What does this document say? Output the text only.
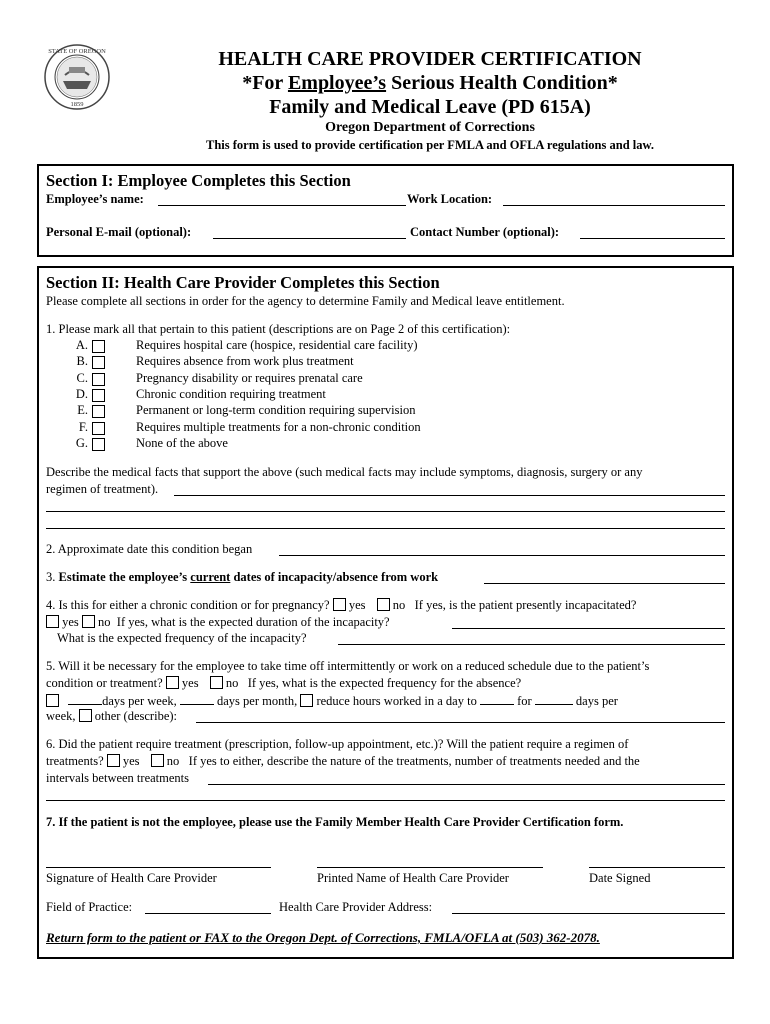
STATE OF OREGON
1859
HEALTH CARE PROVIDER CERTIFICATION
*For Employee’s Serious Health Condition*
Family and Medical Leave (PD 615A)
Oregon Department of Corrections
This form is used to provide certification per FMLA and OFLA regulations and law.
Section I: Employee Completes this Section
Employee’s name:	Work Location:
Personal E-mail (optional):	Contact Number (optional):
Section II: Health Care Provider Completes this Section
Please complete all sections in order for the agency to determine Family and Medical leave entitlement.
1. Please mark all that pertain to this patient (descriptions are on Page 2 of this certification):
A.	Requires hospital care (hospice, residential care facility)
B.	Requires absence from work plus treatment
C.	Pregnancy disability or requires prenatal care
D.	Chronic condition requiring treatment
E.	Permanent or long-term condition requiring supervision
F.	Requires multiple treatments for a non-chronic condition
G.	None of the above
Describe the medical facts that support the above (such medical facts may include symptoms, diagnosis, surgery or any
regimen of treatment).
2. Approximate date this condition began
3. Estimate the employee’s current dates of incapacity/absence from work
4. Is this for either a chronic condition or for pregnancy? yes no If yes, is the patient presently incapacitated?
yes no If yes, what is the expected duration of the incapacity?
What is the expected frequency of the incapacity?
5. Will it be necessary for the employee to take time off intermittently or work on a reduced schedule due to the patient’s
condition or treatment? yes no If yes, what is the expected frequency for the absence?
days per week,	days per month, reduce hours worked in a day to	for	days per
week, other (describe):
6. Did the patient require treatment (prescription, follow-up appointment, etc.)? Will the patient require a regimen of
treatments? yes no If yes to either, describe the nature of the treatments, number of treatments needed and the
intervals between treatments
7. If the patient is not the employee, please use the Family Member Health Care Provider Certification form.
Signature of Health Care Provider	Printed Name of Health Care Provider	Date Signed
Field of Practice:	Health Care Provider Address:
Return form to the patient or FAX to the Oregon Dept. of Corrections, FMLA/OFLA at (503) 362-2078.
